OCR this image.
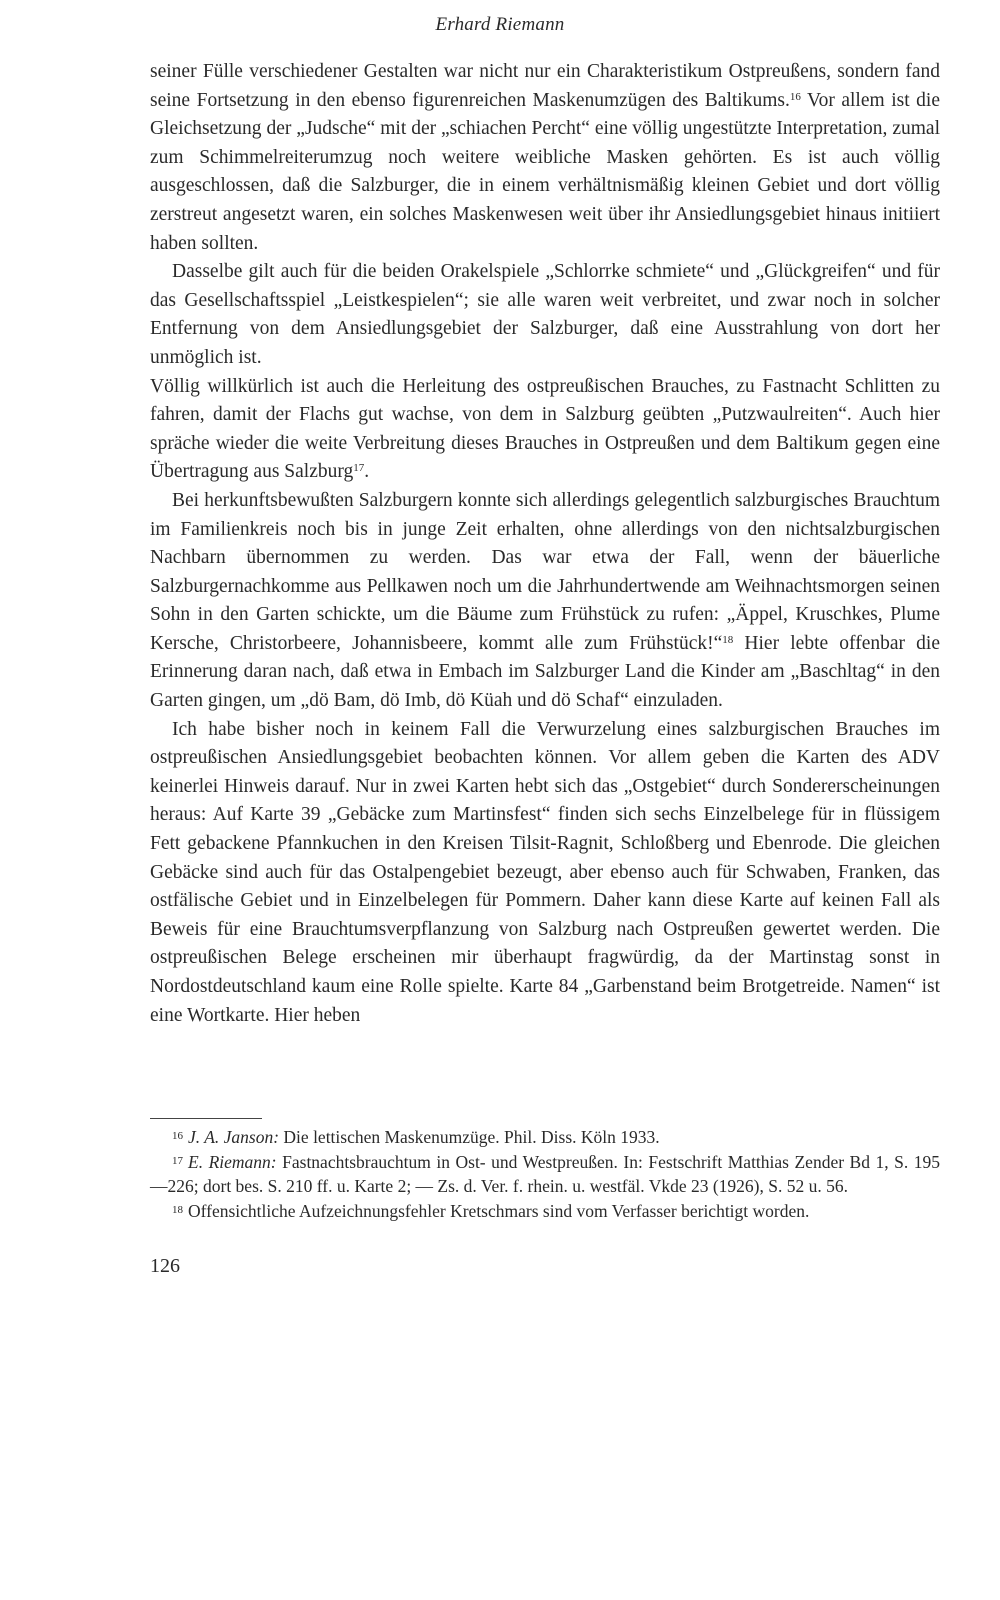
Erhard Riemann

seiner Fülle verschiedener Gestalten war nicht nur ein Charakteristikum Ostpreußens, sondern fand seine Fortsetzung in den ebenso figurenreichen Maskenumzügen des Baltikums.$^{16}$ Vor allem ist die Gleichsetzung der „Judsche“ mit der „schiachen Percht“ eine völlig ungestützte Interpretation, zumal zum Schimmelreiterumzug noch weitere weibliche Masken gehörten. Es ist auch völlig ausgeschlossen, daß die Salzburger, die in einem verhältnismäßig kleinen Gebiet und dort völlig zerstreut angesetzt waren, ein solches Maskenwesen weit über ihr Ansiedlungsgebiet hinaus initiiert haben sollten.

Dasselbe gilt auch für die beiden Orakelspiele „Schlorrke schmiete“ und „Glückgreifen“ und für das Gesellschaftsspiel „Leistkespielen“; sie alle waren weit verbreitet, und zwar noch in solcher Entfernung von dem Ansiedlungsgebiet der Salzburger, daß eine Ausstrahlung von dort her unmöglich ist.

Völlig willkürlich ist auch die Herleitung des ostpreußischen Brauches, zu Fastnacht Schlitten zu fahren, damit der Flachs gut wachse, von dem in Salzburg geübten „Putzwaulreiten“. Auch hier spräche wieder die weite Verbreitung dieses Brauches in Ostpreußen und dem Baltikum gegen eine Übertragung aus Salzburg$^{17}$.

Bei herkunftsbewußten Salzburgern konnte sich allerdings gelegentlich salzburgisches Brauchtum im Familienkreis noch bis in junge Zeit erhalten, ohne allerdings von den nichtsalzburgischen Nachbarn übernommen zu werden. Das war etwa der Fall, wenn der bäuerliche Salzburgernachkomme aus Pellkawen noch um die Jahrhundertwende am Weihnachtsmorgen seinen Sohn in den Garten schickte, um die Bäume zum Frühstück zu rufen: „Äppel, Kruschkes, Plume Kersche, Christorbeere, Johannisbeere, kommt alle zum Frühstück!“$^{18}$ Hier lebte offenbar die Erinnerung daran nach, daß etwa in Embach im Salzburger Land die Kinder am „Baschltag“ in den Garten gingen, um „dö Bam, dö Imb, dö Küah und dö Schaf“ einzuladen.

Ich habe bisher noch in keinem Fall die Verwurzelung eines salzburgischen Brauches im ostpreußischen Ansiedlungsgebiet beobachten können. Vor allem geben die Karten des ADV keinerlei Hinweis darauf. Nur in zwei Karten hebt sich das „Ostgebiet“ durch Sondererscheinungen heraus: Auf Karte 39 „Gebäcke zum Martinsfest“ finden sich sechs Einzelbelege für in flüssigem Fett gebackene Pfannkuchen in den Kreisen Tilsit-Ragnit, Schloßberg und Ebenrode. Die gleichen Gebäcke sind auch für das Ostalpengebiet bezeugt, aber ebenso auch für Schwaben, Franken, das ostfälische Gebiet und in Einzelbelegen für Pommern. Daher kann diese Karte auf keinen Fall als Beweis für eine Brauchtumsverpflanzung von Salzburg nach Ostpreußen gewertet werden. Die ostpreußischen Belege erscheinen mir überhaupt fragwürdig, da der Martinstag sonst in Nordostdeutschland kaum eine Rolle spielte. Karte 84 „Garbenstand beim Brotgetreide. Namen“ ist eine Wortkarte. Hier heben

$^{16}$ J. A. Janson: Die lettischen Maskenumzüge. Phil. Diss. Köln 1933.

$^{17}$ E. Riemann: Fastnachtsbrauchtum in Ost- und Westpreußen. In: Festschrift Matthias Zender Bd 1, S. 195—226; dort bes. S. 210 ff. u. Karte 2; — Zs. d. Ver. f. rhein. u. westfäl. Vkde 23 (1926), S. 52 u. 56.

$^{18}$ Offensichtliche Aufzeichnungsfehler Kretschmars sind vom Verfasser berichtigt worden.

126
